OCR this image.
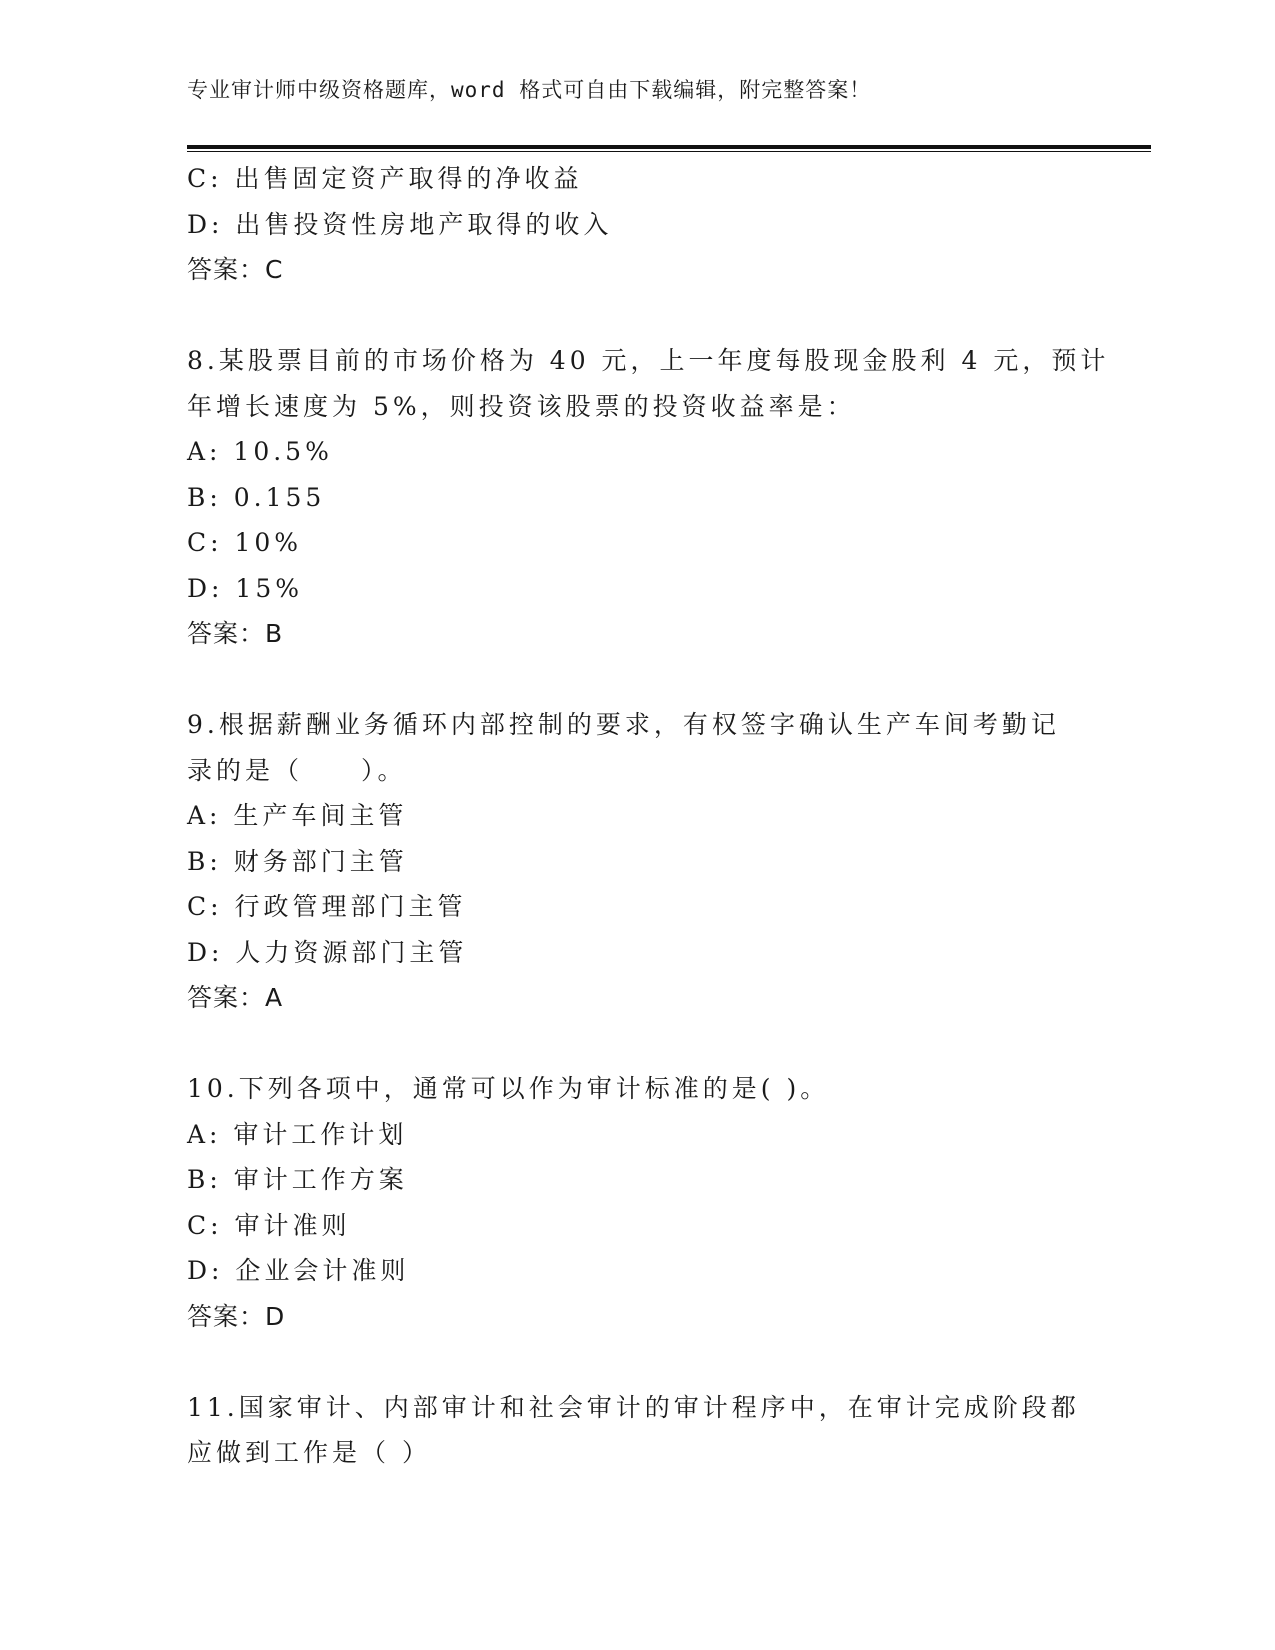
专业审计师中级资格题库，word 格式可自由下载编辑，附完整答案！
C: 出售固定资产取得的净收益
D: 出售投资性房地产取得的收入
答案：C
8.某股票目前的市场价格为 40 元，上一年度每股现金股利 4 元，预计
年增长速度为 5%，则投资该股票的投资收益率是：
A: 10.5%
B: 0.155
C: 10%
D: 15%
答案：B
9.根据薪酬业务循环内部控制的要求，有权签字确认生产车间考勤记
录的是（　　）。
A: 生产车间主管
B: 财务部门主管
C: 行政管理部门主管
D: 人力资源部门主管
答案：A
10.下列各项中，通常可以作为审计标准的是( )。
A: 审计工作计划
B: 审计工作方案
C: 审计准则
D: 企业会计准则
答案：D
11.国家审计、内部审计和社会审计的审计程序中，在审计完成阶段都
应做到工作是（ ）
